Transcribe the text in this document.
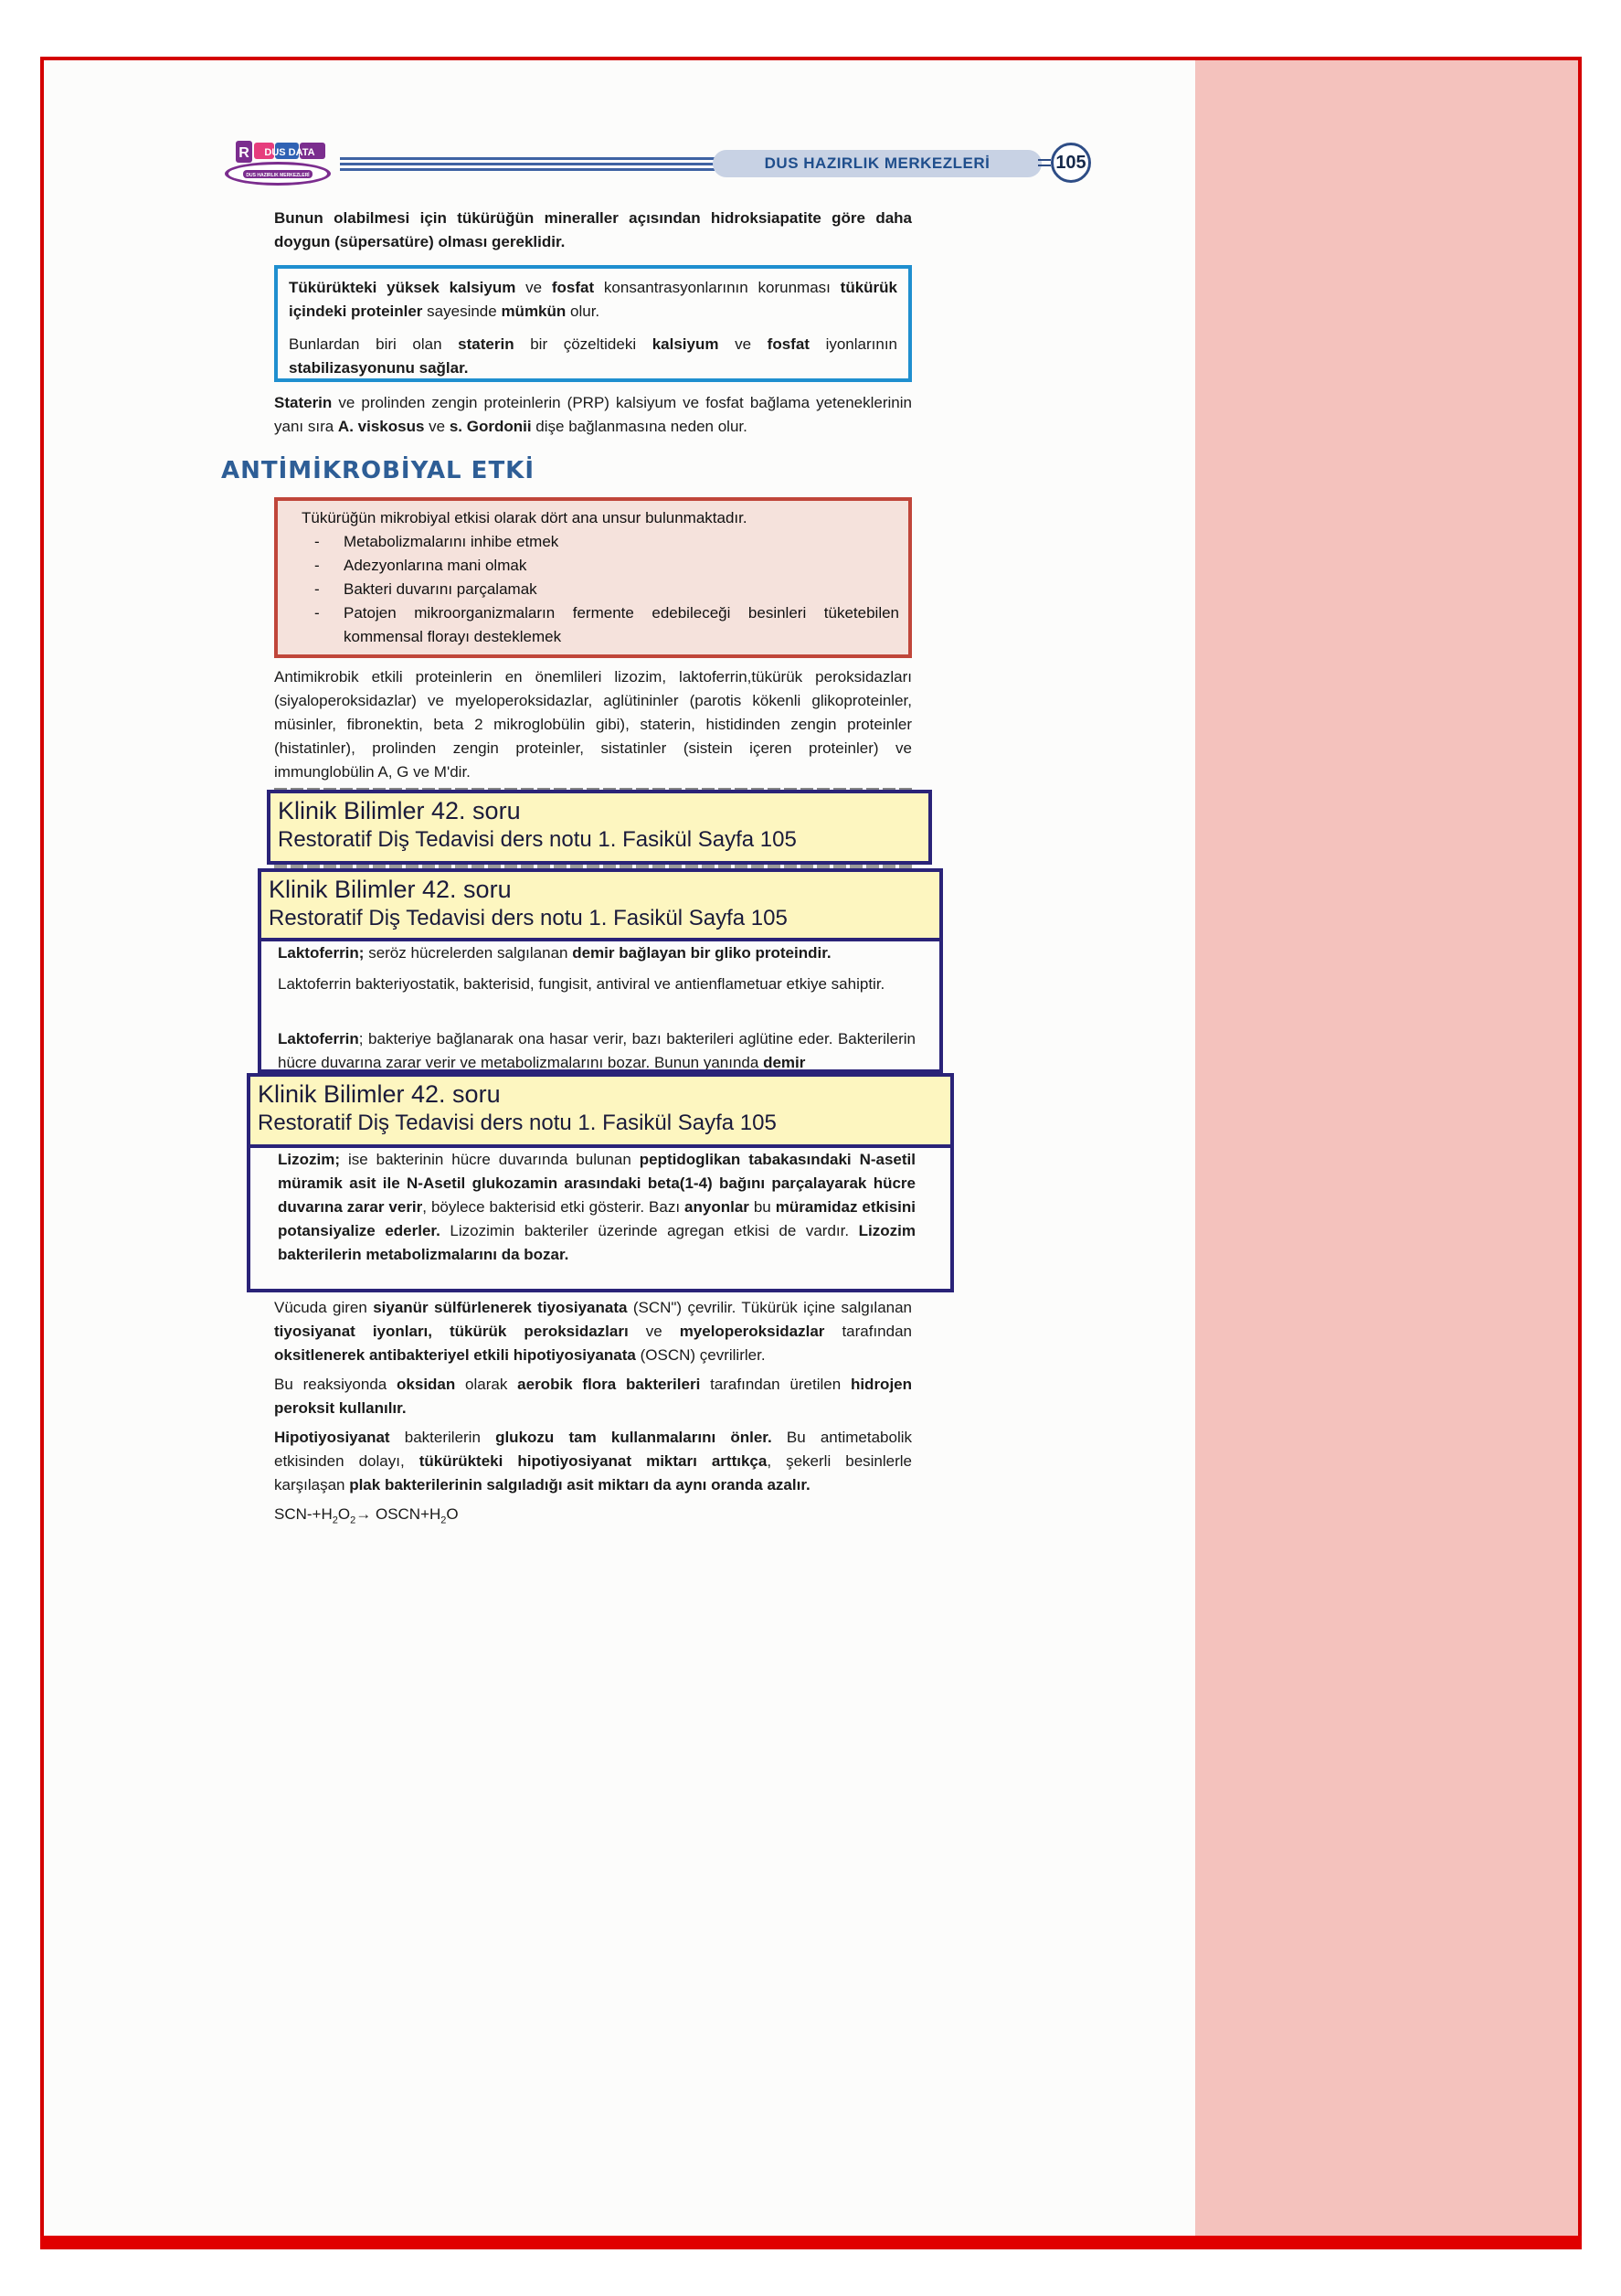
R DUS DATA
DUS HAZIRLIK MERKEZLERİ
DUS HAZIRLIK MERKEZLERİ	105
Bunun olabilmesi için tükürüğün mineraller açısından hidroksiapatite göre daha doygun (süpersatüre) olması gereklidir.

Tükürükteki yüksek kalsiyum ve fosfat konsantrasyonlarının korunması tükürük içindeki proteinler sayesinde mümkün olur.

Bunlardan biri olan staterin bir çözeltideki kalsiyum ve fosfat iyonlarının stabilizasyonunu sağlar.

Staterin ve prolinden zengin proteinlerin (PRP) kalsiyum ve fosfat bağlama yeteneklerinin yanı sıra A. viskosus ve s. Gordonii dişe bağlanmasına neden olur.
ANTİMİKROBİYAL ETKİ
Tükürüğün mikrobiyal etkisi olarak dört ana unsur bulunmaktadır.
- Metabolizmalarını inhibe etmek
- Adezyonlarına mani olmak
- Bakteri duvarını parçalamak
- Patojen mikroorganizmaların fermente edebileceği besinleri tüketebilen kommensal florayı desteklemek
Antimikrobik etkili proteinlerin en önemlileri lizozim, laktoferrin,tükürük peroksidazları (siyaloperoksidazlar) ve myeloperoksidazlar, aglütininler (parotis kökenli glikoproteinler, müsinler, fibronektin, beta 2 mikroglobülin gibi), staterin, histidinden zengin proteinler (histatinler), prolinden zengin proteinler, sistatinler (sistein içeren proteinler) ve immunglobülin A, G ve M'dir.
Klinik Bilimler 42. soru
Restoratif Diş Tedavisi ders notu 1. Fasikül Sayfa 105
Klinik Bilimler 42. soru
Restoratif Diş Tedavisi ders notu 1. Fasikül Sayfa 105
Laktoferrin; seröz hücrelerden salgılanan demir bağlayan bir gliko proteindir.
Laktoferrin bakteriyostatik, bakterisid, fungisit, antiviral ve antienflametuar etkiye sahiptir.
Laktoferrin; bakteriye bağlanarak ona hasar verir, bazı bakterileri aglütine eder. Bakterilerin hücre duvarına zarar verir ve metabolizmalarını bozar. Bunun yanında demir
Klinik Bilimler 42. soru
Restoratif Diş Tedavisi ders notu 1. Fasikül Sayfa 105
Lizozim; ise bakterinin hücre duvarında bulunan peptidoglikan tabakasındaki N-asetil müramik asit ile N-Asetil glukozamin arasındaki beta(1-4) bağını parçalayarak hücre duvarına zarar verir, böylece bakterisid etki gösterir. Bazı anyonlar bu müramidaz etkisini potansiyalize ederler. Lizozimin bakteriler üzerinde agregan etkisi de vardır. Lizozim bakterilerin metabolizmalarını da bozar.
Vücuda giren siyanür sülfürlenerek tiyosiyanata (SCN") çevrilir. Tükürük içine salgılanan tiyosiyanat iyonları, tükürük peroksidazları ve myeloperoksidazlar tarafından oksitlenerek antibakteriyel etkili hipotiyosiyanata (OSCN) çevrilirler.
Bu reaksiyonda oksidan olarak aerobik flora bakterileri tarafından üretilen hidrojen peroksit kullanılır.
Hipotiyosiyanat bakterilerin glukozu tam kullanmalarını önler. Bu antimetabolik etkisinden dolayı, tükürükteki hipotiyosiyanat miktarı arttıkça, şekerli besinlerle karşılaşan plak bakterilerinin salgıladığı asit miktarı da aynı oranda azalır.
SCN-$+H_2O_2\to$ $OSCN+H_2O$
